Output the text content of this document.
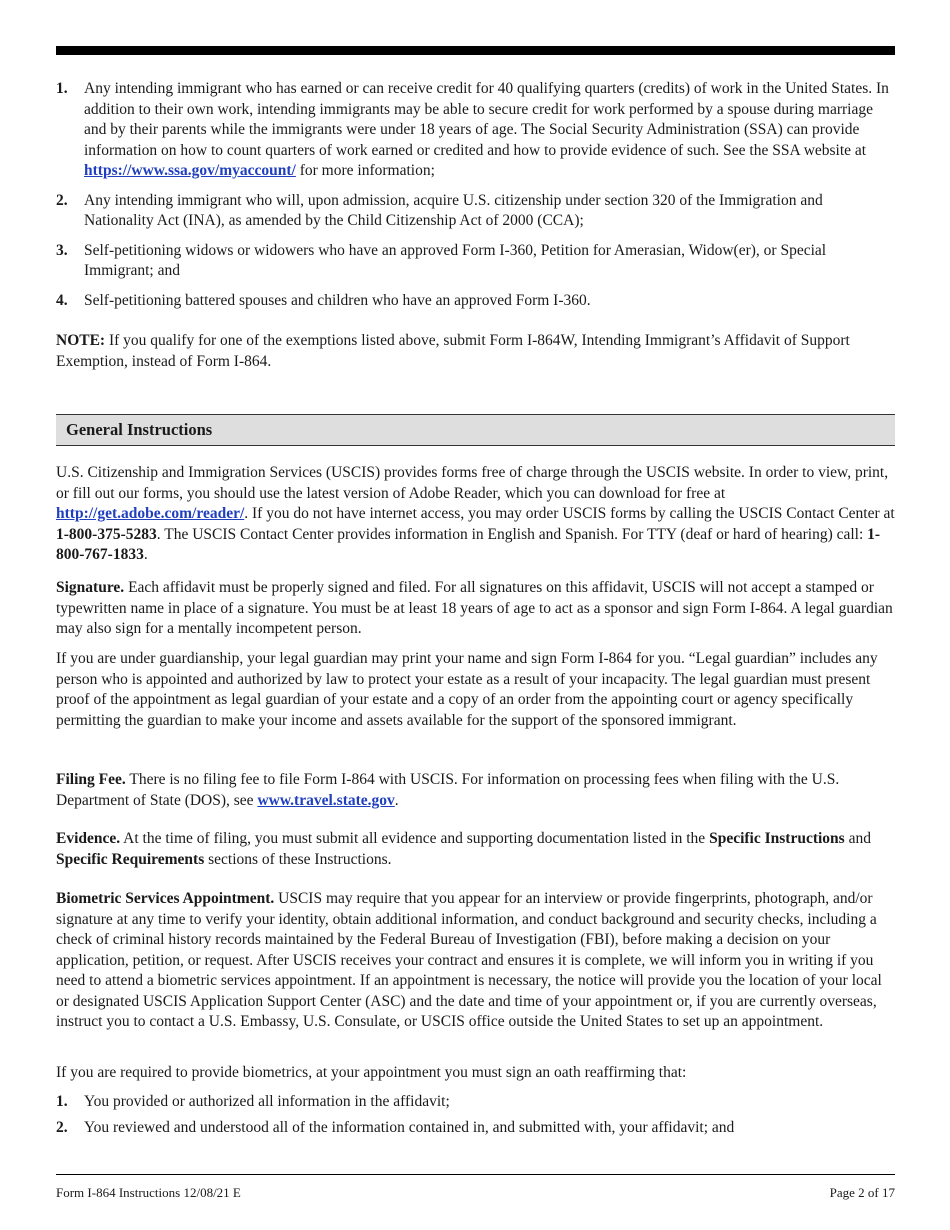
1.	Any intending immigrant who has earned or can receive credit for 40 qualifying quarters (credits) of work in the United States. In addition to their own work, intending immigrants may be able to secure credit for work performed by a spouse during marriage and by their parents while the immigrants were under 18 years of age. The Social Security Administration (SSA) can provide information on how to count quarters of work earned or credited and how to provide evidence of such. See the SSA website at https://www.ssa.gov/myaccount/ for more information;
2.	Any intending immigrant who will, upon admission, acquire U.S. citizenship under section 320 of the Immigration and Nationality Act (INA), as amended by the Child Citizenship Act of 2000 (CCA);
3.	Self-petitioning widows or widowers who have an approved Form I-360, Petition for Amerasian, Widow(er), or Special Immigrant; and
4.	Self-petitioning battered spouses and children who have an approved Form I-360.

NOTE: If you qualify for one of the exemptions listed above, submit Form I-864W, Intending Immigrant’s Affidavit of Support Exemption, instead of Form I-864.

General Instructions

U.S. Citizenship and Immigration Services (USCIS) provides forms free of charge through the USCIS website. In order to view, print, or fill out our forms, you should use the latest version of Adobe Reader, which you can download for free at http://get.adobe.com/reader/. If you do not have internet access, you may order USCIS forms by calling the USCIS Contact Center at 1-800-375-5283. The USCIS Contact Center provides information in English and Spanish. For TTY (deaf or hard of hearing) call: 1-800-767-1833.

Signature. Each affidavit must be properly signed and filed. For all signatures on this affidavit, USCIS will not accept a stamped or typewritten name in place of a signature. You must be at least 18 years of age to act as a sponsor and sign Form I-864. A legal guardian may also sign for a mentally incompetent person.

If you are under guardianship, your legal guardian may print your name and sign Form I-864 for you. “Legal guardian” includes any person who is appointed and authorized by law to protect your estate as a result of your incapacity. The legal guardian must present proof of the appointment as legal guardian of your estate and a copy of an order from the appointing court or agency specifically permitting the guardian to make your income and assets available for the support of the sponsored immigrant.

Filing Fee. There is no filing fee to file Form I-864 with USCIS. For information on processing fees when filing with the U.S. Department of State (DOS), see www.travel.state.gov.

Evidence. At the time of filing, you must submit all evidence and supporting documentation listed in the Specific Instructions and Specific Requirements sections of these Instructions.

Biometric Services Appointment. USCIS may require that you appear for an interview or provide fingerprints, photograph, and/or signature at any time to verify your identity, obtain additional information, and conduct background and security checks, including a check of criminal history records maintained by the Federal Bureau of Investigation (FBI), before making a decision on your application, petition, or request. After USCIS receives your contract and ensures it is complete, we will inform you in writing if you need to attend a biometric services appointment. If an appointment is necessary, the notice will provide you the location of your local or designated USCIS Application Support Center (ASC) and the date and time of your appointment or, if you are currently overseas, instruct you to contact a U.S. Embassy, U.S. Consulate, or USCIS office outside the United States to set up an appointment.

If you are required to provide biometrics, at your appointment you must sign an oath reaffirming that:

1.	You provided or authorized all information in the affidavit;
2.	You reviewed and understood all of the information contained in, and submitted with, your affidavit; and
Form I-864 Instructions 12/08/21 E	Page 2 of 17
